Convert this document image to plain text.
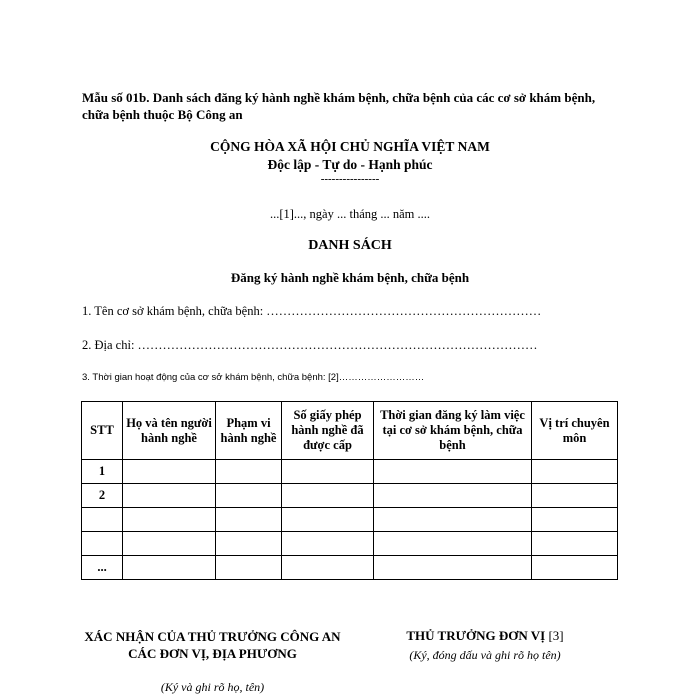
Mẫu số 01b. Danh sách đăng ký hành nghề khám bệnh, chữa bệnh của các cơ sở khám bệnh, chữa bệnh thuộc Bộ Công an
CỘNG HÒA XÃ HỘI CHỦ NGHĨA VIỆT NAM
Độc lập - Tự do - Hạnh phúc
----------------
...[1]..., ngày ... tháng ... năm ....
DANH SÁCH
Đăng ký hành nghề khám bệnh, chữa bệnh
1. Tên cơ sở khám bệnh, chữa bệnh: …………………………………………………………
2. Địa chỉ: ……………………………………………………………………………………
3. Thời gian hoạt động của cơ sở khám bệnh, chữa bệnh: [2]………………………
STT	Họ và tên người hành nghề	Phạm vi hành nghề	Số giấy phép hành nghề đã được cấp	Thời gian đăng ký làm việc tại cơ sở khám bệnh, chữa bệnh	Vị trí chuyên môn
1					
2					

...					
XÁC NHẬN CỦA THỦ TRƯỞNG CÔNG AN
CÁC ĐƠN VỊ, ĐỊA PHƯƠNG
(Ký và ghi rõ họ, tên)
THỦ TRƯỞNG ĐƠN VỊ [3]
(Ký, đóng dấu và ghi rõ họ tên)
